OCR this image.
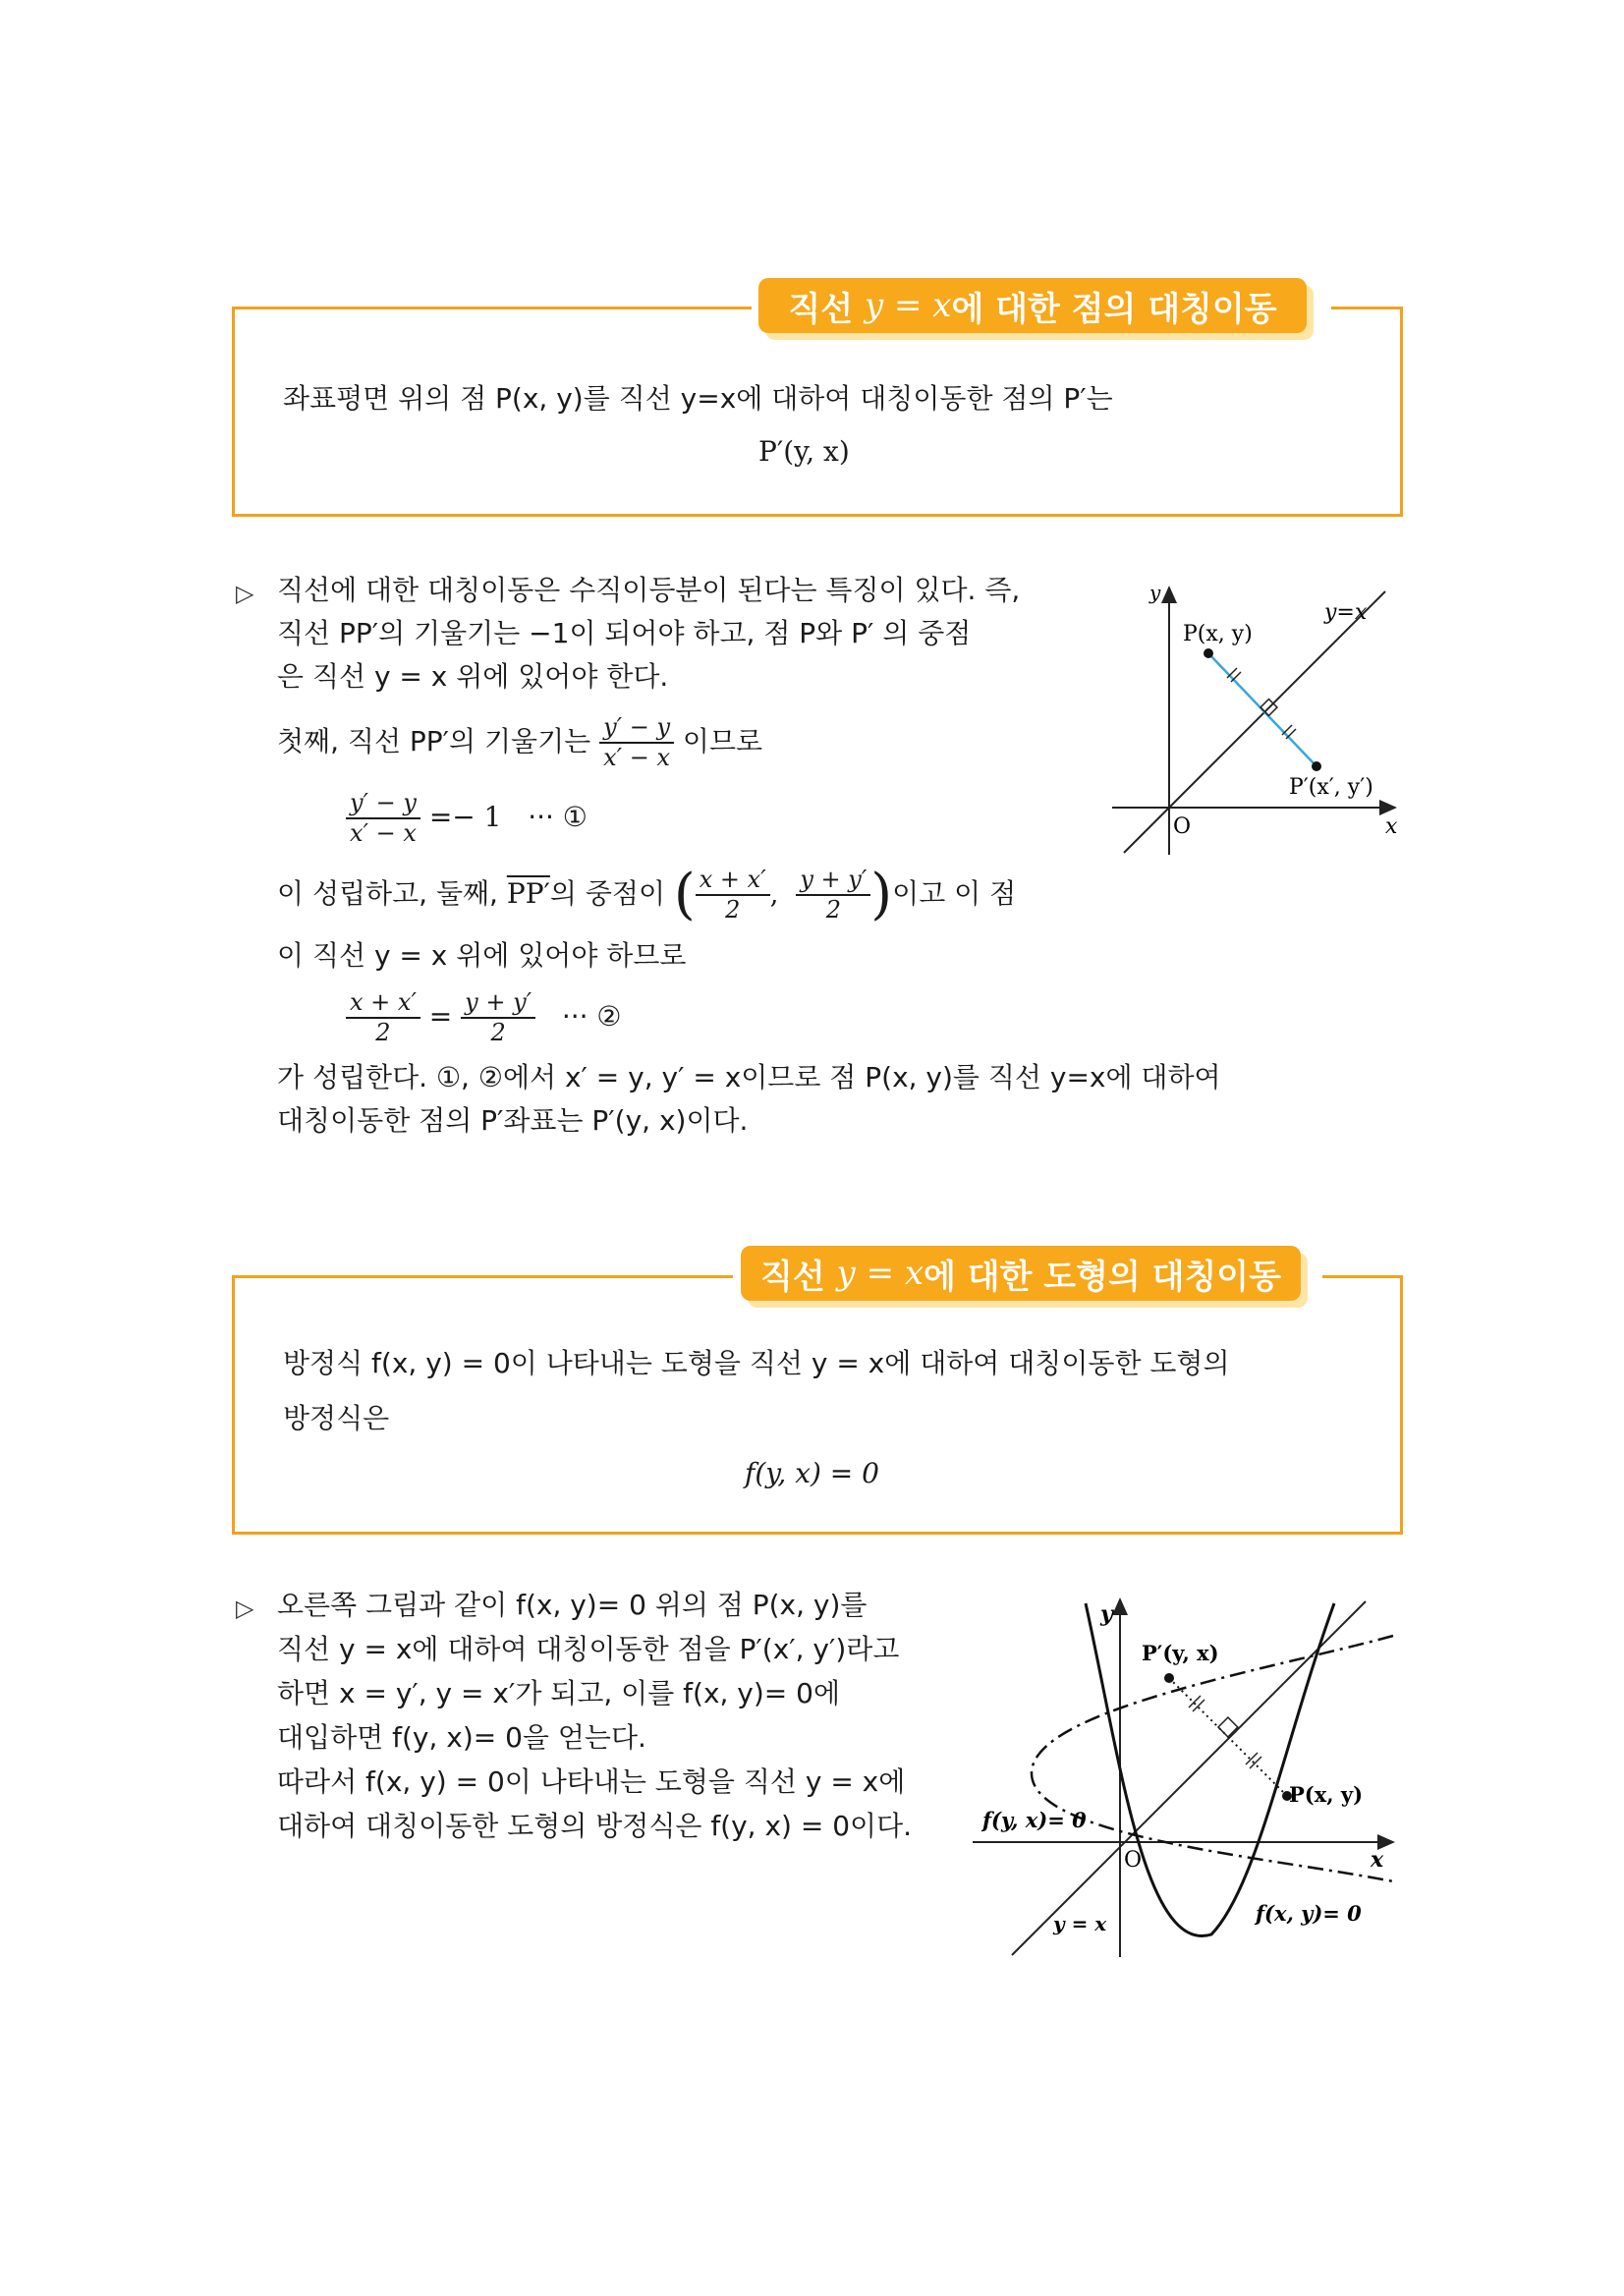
직선
y = x 에 대한 점의 대칭이동
좌표평면 위의 점 P(x, y)를 직선 y=x에 대하여 대칭이동한 점의 P′는
P′(y, x)
▷ 직선에 대한 대칭이동은 수직이등분이 된다는 특징이 있다. 즉,
직선 PP′의 기울기는 −1이 되어야 하고, 점 P와 P′ 의 중점
은 직선 y = x 위에 있어야 한다.
첫째, 직선 PP′의 기울기는 $\frac{y' - y}{x' - x}$ 이므로
$\frac{y' - y}{x' - x} =- 1$ ··· ①
이 성립하고, 둘째, PP′의 중점이 ( $\frac{x + x'}{2}$ , $\frac{y + y'}{2}$ )이고 이 점
이 직선 y = x 위에 있어야 하므로
$\frac{x + x'}{2} = \frac{y + y'}{2}$ ··· ②
가 성립한다. ①, ②에서 x′ = y, y′ = x이므로 점 P(x, y)를 직선 y=x에 대하여
대칭이동한 점의 P′좌표는 P′(y, x)이다.
y
x
O
y=x
P(x, y)
P′(x′, y′)
직선
y = x 에 대한 도형의 대칭이동
방정식 f(x, y) = 0이 나타내는 도형을 직선 y = x에 대하여 대칭이동한 도형의
방정식은
f(y, x) = 0
▷ 오른쪽 그림과 같이 f(x, y)= 0 위의 점 P(x, y)를
직선 y = x에 대하여 대칭이동한 점을 P′(x′, y′)라고
하면 x = y′, y = x′가 되고, 이를 f(x, y)= 0에
대입하면 f(y, x)= 0을 얻는다.
따라서 f(x, y) = 0이 나타내는 도형을 직선 y = x에
대하여 대칭이동한 도형의 방정식은 f(y, x) = 0이다.
y
x
O
y = x
P′(y, x)
P(x, y)
f(y, x)= 0
f(x, y)= 0
